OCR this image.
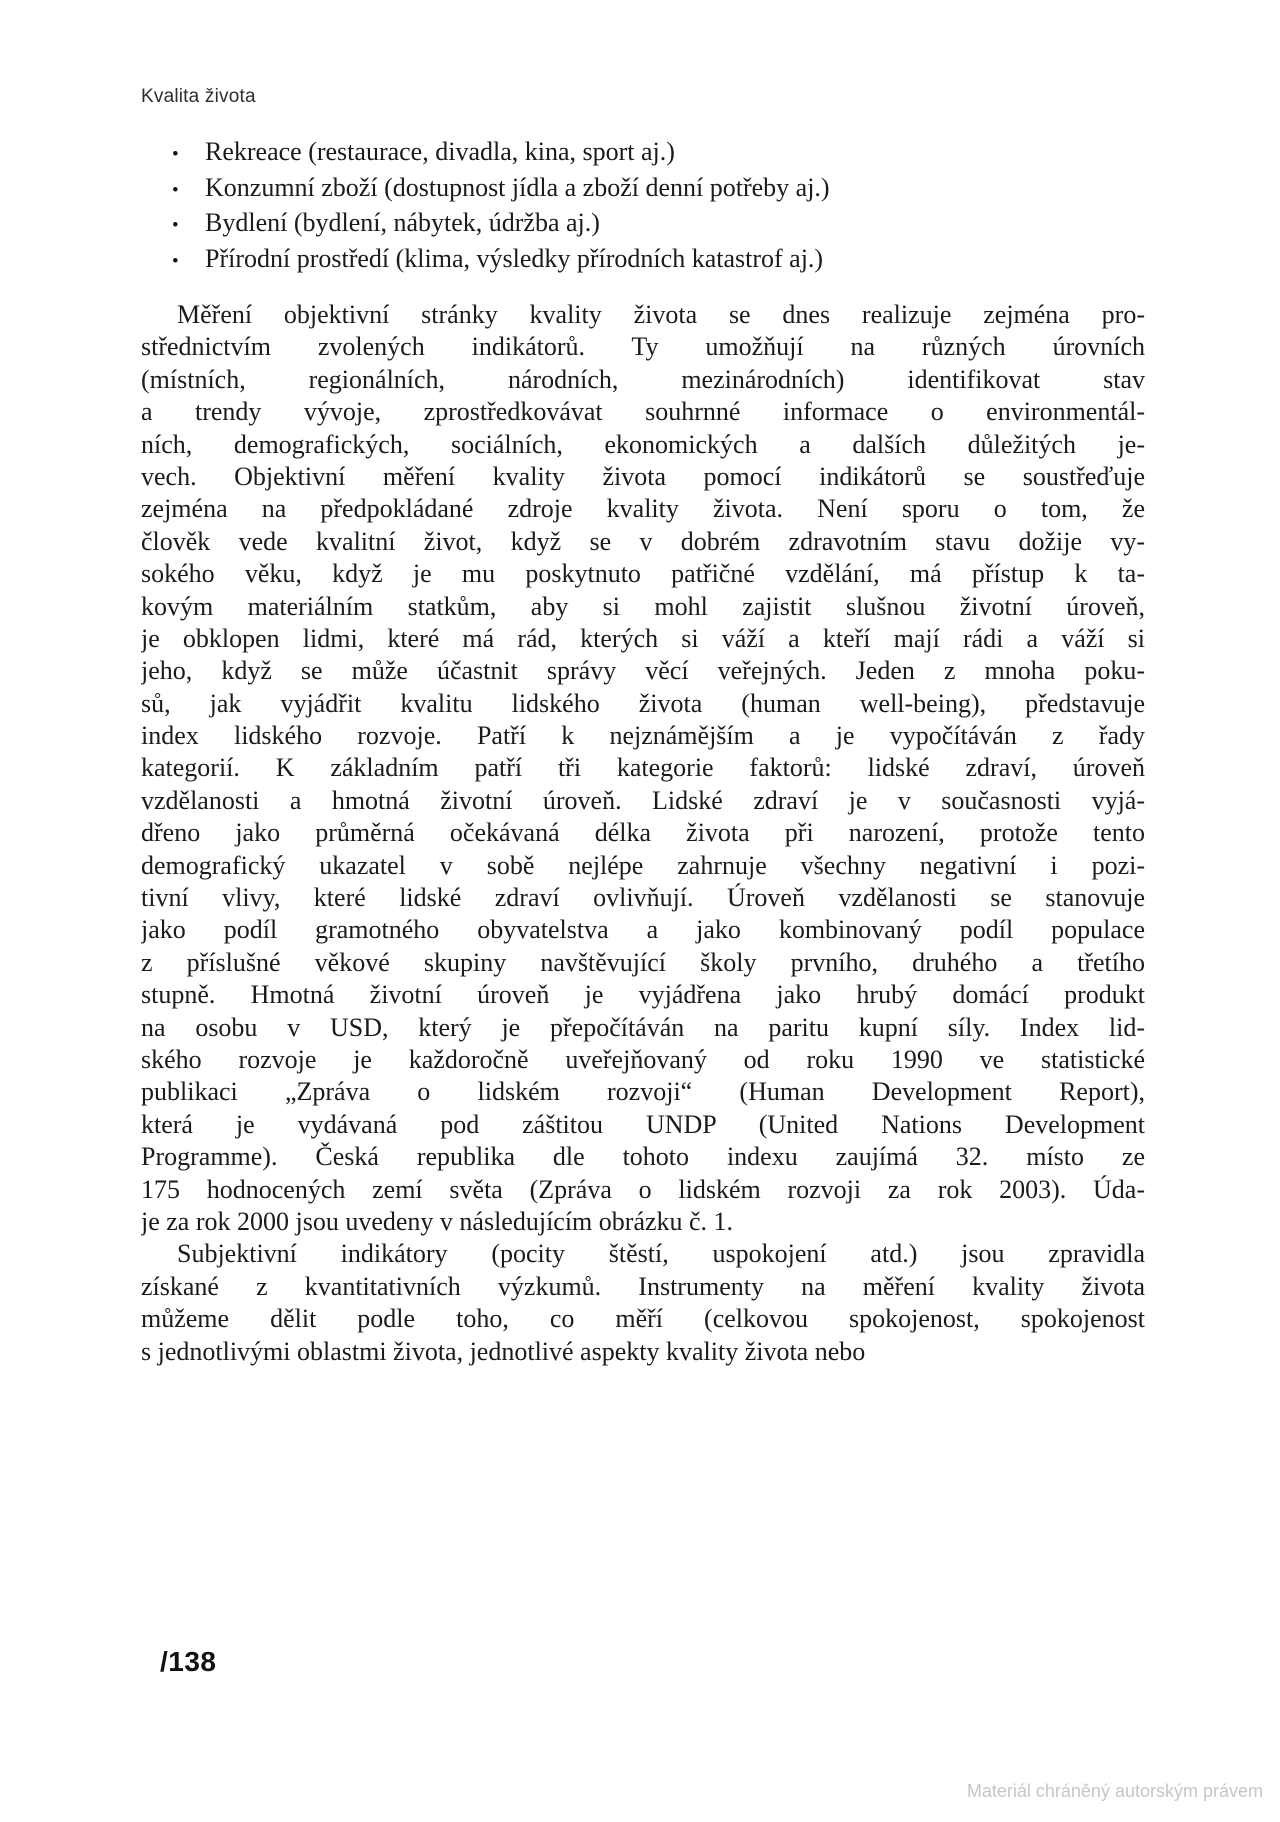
Kvalita života
•	Rekreace (restaurace, divadla, kina, sport aj.)
•	Konzumní zboží (dostupnost jídla a zboží denní potřeby aj.)
•	Bydlení (bydlení, nábytek, údržba aj.)
•	Přírodní prostředí (klima, výsledky přírodních katastrof aj.)
Měření objektivní stránky kvality života se dnes realizuje zejména pro-
střednictvím zvolených indikátorů. Ty umožňují na různých úrovních
(místních, regionálních, národních, mezinárodních) identifikovat stav
a trendy vývoje, zprostředkovávat souhrnné informace o environmentál-
ních, demografických, sociálních, ekonomických a dalších důležitých je-
vech. Objektivní měření kvality života pomocí indikátorů se soustřeďuje
zejména na předpokládané zdroje kvality života. Není sporu o tom, že
člověk vede kvalitní život, když se v dobrém zdravotním stavu dožije vy-
sokého věku, když je mu poskytnuto patřičné vzdělání, má přístup k ta-
kovým materiálním statkům, aby si mohl zajistit slušnou životní úroveň,
je obklopen lidmi, které má rád, kterých si váží a kteří mají rádi a váží si
jeho, když se může účastnit správy věcí veřejných. Jeden z mnoha poku-
sů, jak vyjádřit kvalitu lidského života (human well-being), představuje
index lidského rozvoje. Patří k nejznámějším a je vypočítáván z řady
kategorií. K základním patří tři kategorie faktorů: lidské zdraví, úroveň
vzdělanosti a hmotná životní úroveň. Lidské zdraví je v současnosti vyjá-
dřeno jako průměrná očekávaná délka života při narození, protože tento
demografický ukazatel v sobě nejlépe zahrnuje všechny negativní i pozi-
tivní vlivy, které lidské zdraví ovlivňují. Úroveň vzdělanosti se stanovuje
jako podíl gramotného obyvatelstva a jako kombinovaný podíl populace
z příslušné věkové skupiny navštěvující školy prvního, druhého a třetího
stupně. Hmotná životní úroveň je vyjádřena jako hrubý domácí produkt
na osobu v USD, který je přepočítáván na paritu kupní síly. Index lid-
ského rozvoje je každoročně uveřejňovaný od roku 1990 ve statistické
publikaci „Zpráva o lidském rozvoji“ (Human Development Report),
která je vydávaná pod záštitou UNDP (United Nations Development
Programme). Česká republika dle tohoto indexu zaujímá 32. místo ze
175 hodnocených zemí světa (Zpráva o lidském rozvoji za rok 2003). Úda-
je za rok 2000 jsou uvedeny v následujícím obrázku č. 1.
Subjektivní indikátory (pocity štěstí, uspokojení atd.) jsou zpravidla
získané z kvantitativních výzkumů. Instrumenty na měření kvality života
můžeme dělit podle toho, co měří (celkovou spokojenost, spokojenost
s jednotlivými oblastmi života, jednotlivé aspekty kvality života nebo
/138
Materiál chráněný autorským právem
